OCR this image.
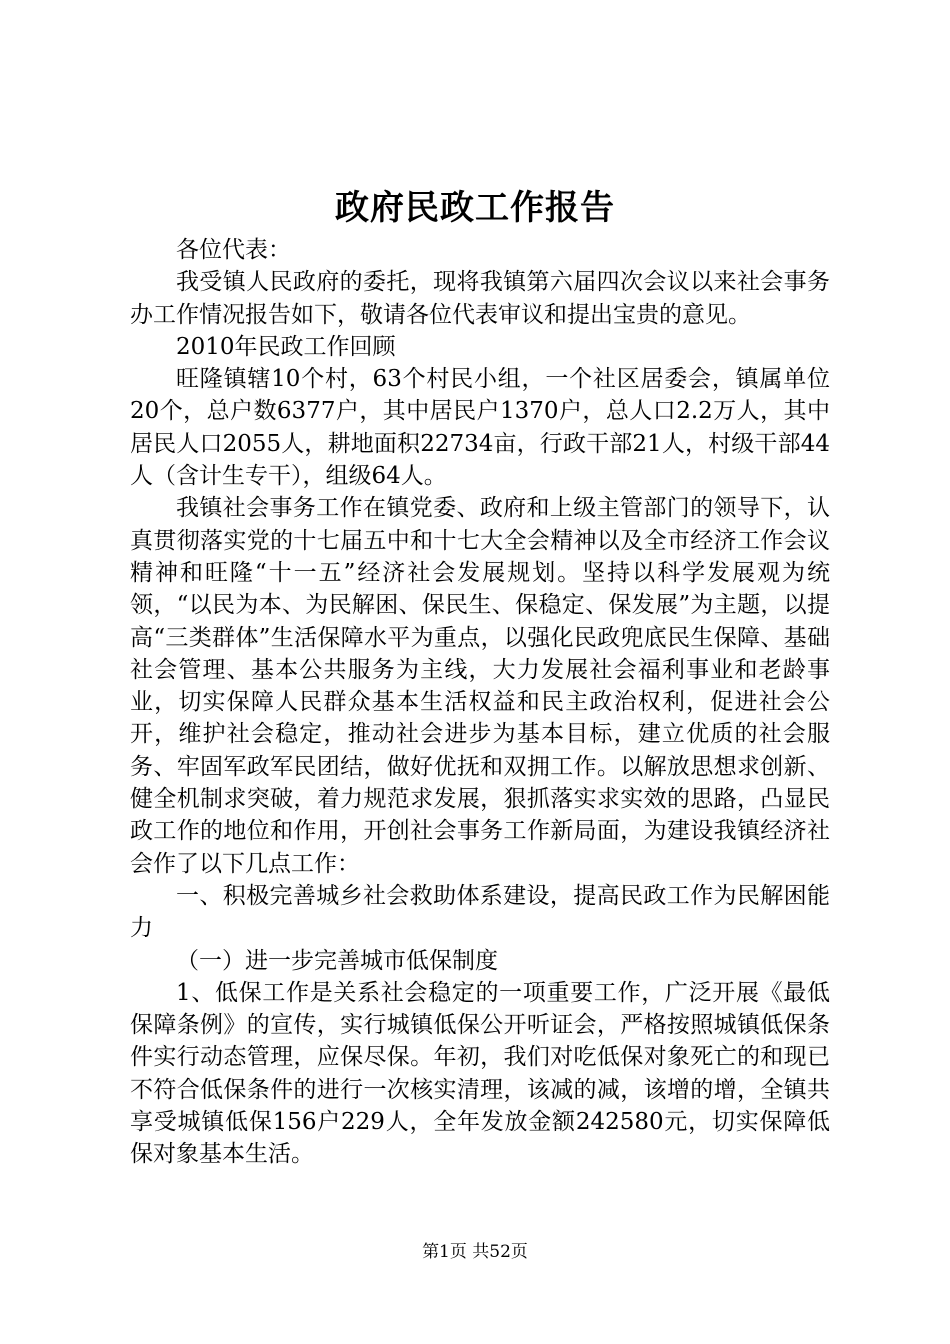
政府民政工作报告

各位代表：

我受镇人民政府的委托，现将我镇第六届四次会议以来社会事务办工作情况报告如下，敬请各位代表审议和提出宝贵的意见。

2010年民政工作回顾

旺隆镇辖10个村，63个村民小组，一个社区居委会，镇属单位20个，总户数6377户，其中居民户1370户，总人口2.2万人，其中居民人口2055人，耕地面积22734亩，行政干部21人，村级干部44人（含计生专干），组级64人。

我镇社会事务工作在镇党委、政府和上级主管部门的领导下，认真贯彻落实党的十七届五中和十七大全会精神以及全市经济工作会议精神和旺隆“十一五”经济社会发展规划。坚持以科学发展观为统领，“以民为本、为民解困、保民生、保稳定、保发展”为主题，以提高“三类群体”生活保障水平为重点，以强化民政兜底民生保障、基础社会管理、基本公共服务为主线，大力发展社会福利事业和老龄事业，切实保障人民群众基本生活权益和民主政治权利，促进社会公开，维护社会稳定，推动社会进步为基本目标，建立优质的社会服务、牢固军政军民团结，做好优抚和双拥工作。以解放思想求创新、健全机制求突破，着力规范求发展，狠抓落实求实效的思路，凸显民政工作的地位和作用，开创社会事务工作新局面，为建设我镇经济社会作了以下几点工作：

一、积极完善城乡社会救助体系建设，提高民政工作为民解困能力

（一）进一步完善城市低保制度

1、低保工作是关系社会稳定的一项重要工作，广泛开展《最低保障条例》的宣传，实行城镇低保公开听证会，严格按照城镇低保条件实行动态管理，应保尽保。年初，我们对吃低保对象死亡的和现已不符合低保条件的进行一次核实清理，该减的减，该增的增，全镇共享受城镇低保156户229人，全年发放金额242580元，切实保障低保对象基本生活。

第1页 共52页
